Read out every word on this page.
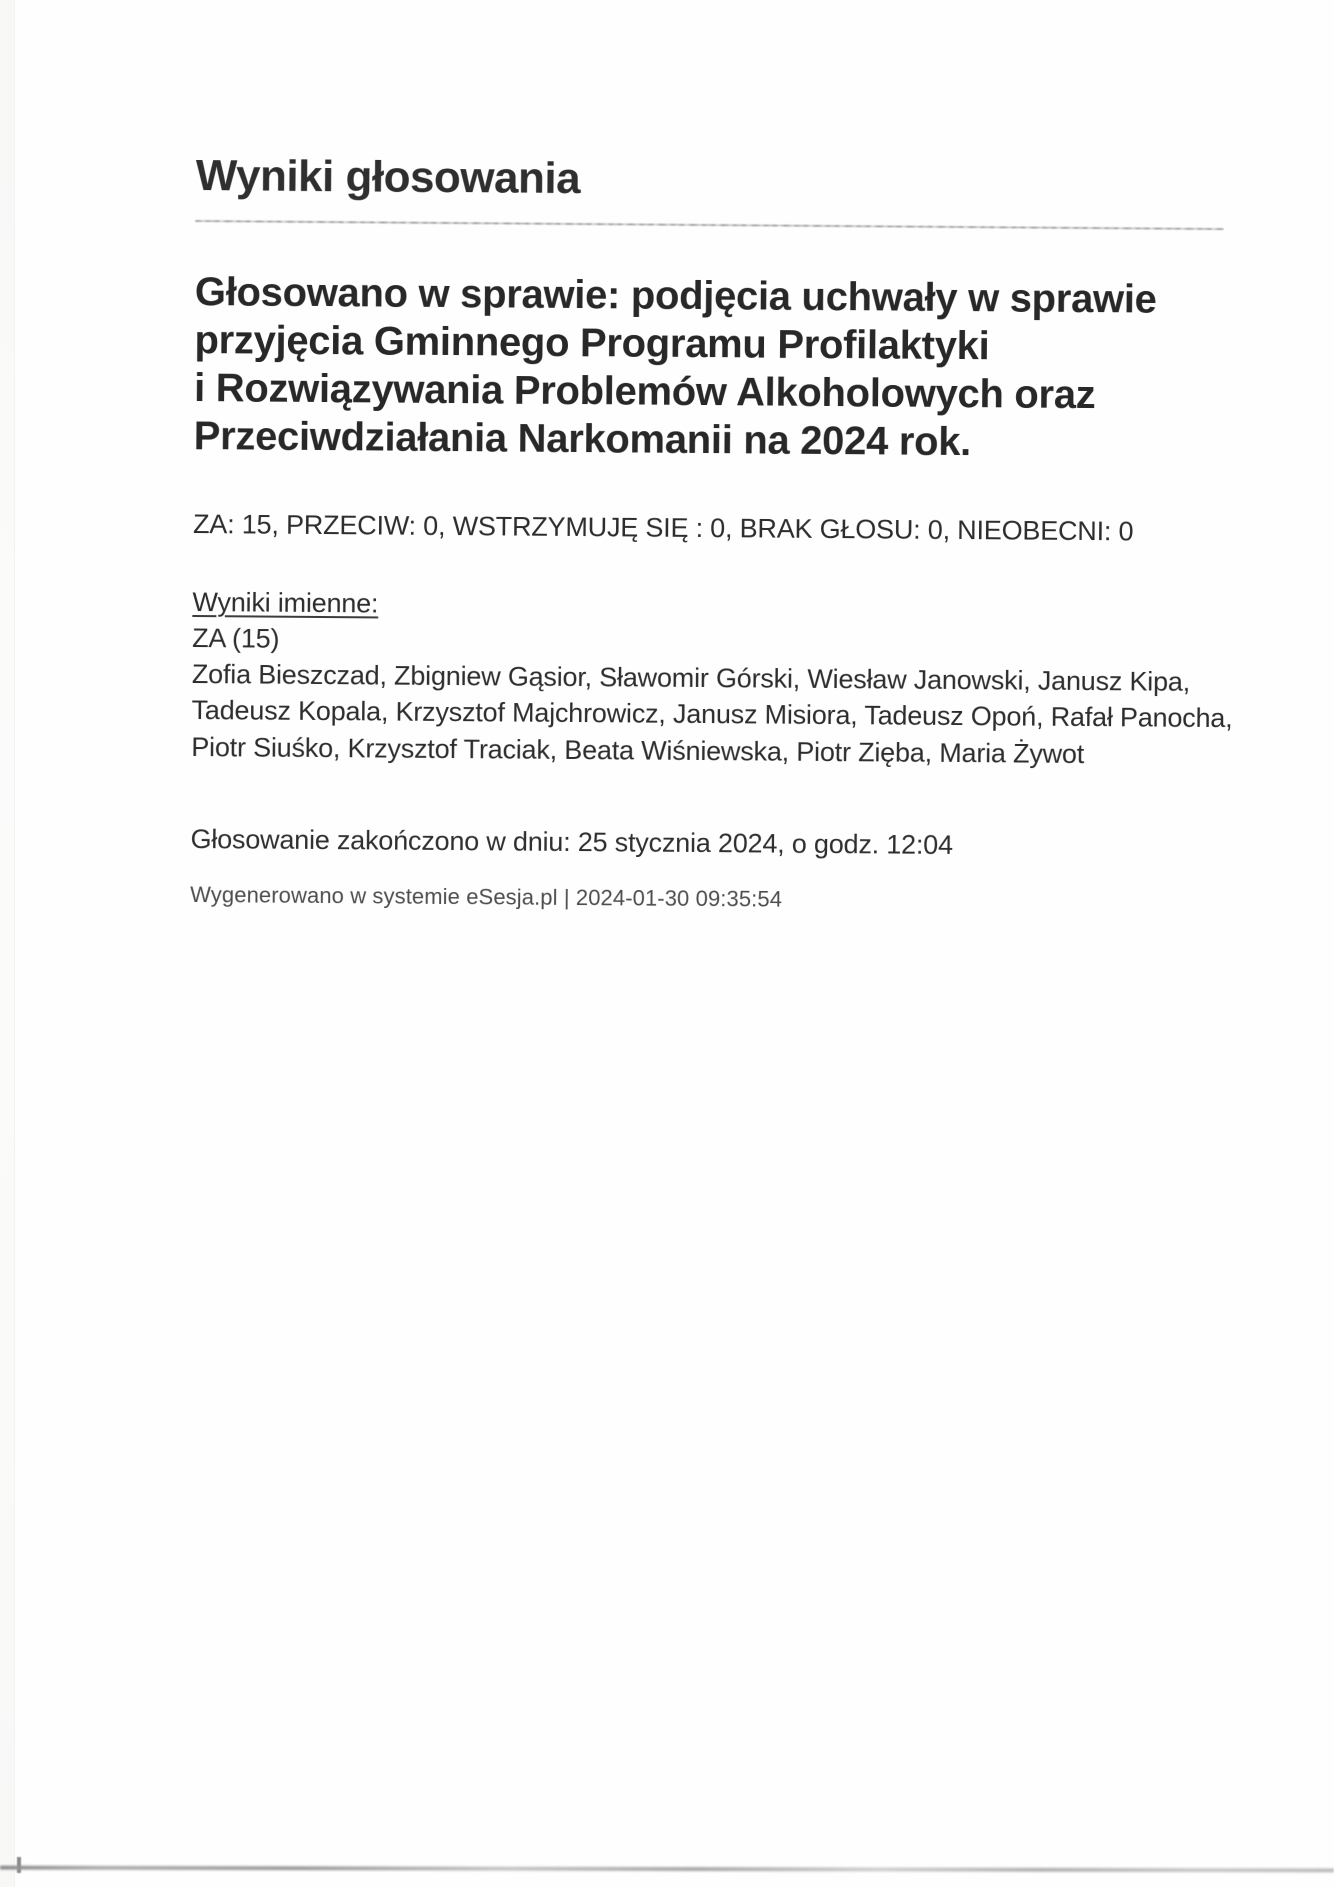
Wyniki głosowania
Głosowano w sprawie: podjęcia uchwały w sprawie
przyjęcia Gminnego Programu Profilaktyki
i Rozwiązywania Problemów Alkoholowych oraz
Przeciwdziałania Narkomanii na 2024 rok.
ZA: 15, PRZECIW: 0, WSTRZYMUJĘ SIĘ : 0, BRAK GŁOSU: 0, NIEOBECNI: 0
Wyniki imienne:
ZA (15)
Zofia Bieszczad, Zbigniew Gąsior, Sławomir Górski, Wiesław Janowski, Janusz Kipa,
Tadeusz Kopala, Krzysztof Majchrowicz, Janusz Misiora, Tadeusz Opoń, Rafał Panocha,
Piotr Siuśko, Krzysztof Traciak, Beata Wiśniewska, Piotr Zięba, Maria Żywot
Głosowanie zakończono w dniu: 25 stycznia 2024, o godz. 12:04
Wygenerowano w systemie eSesja.pl | 2024-01-30 09:35:54
